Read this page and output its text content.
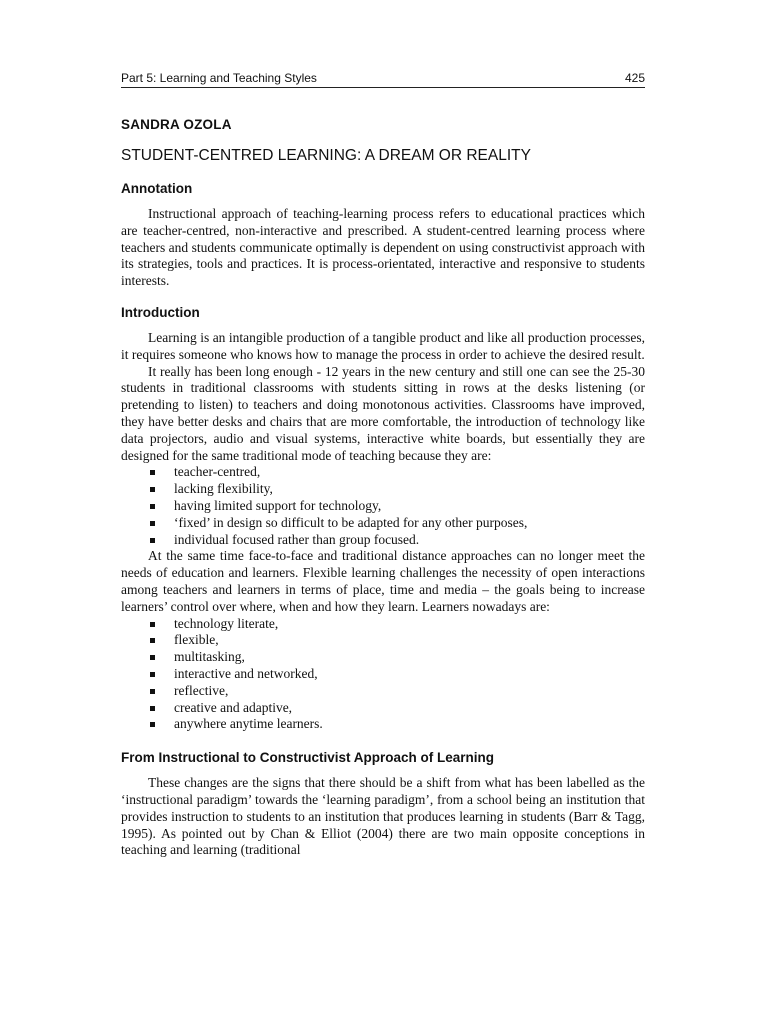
Part 5: Learning and Teaching Styles	425
SANDRA OZOLA
STUDENT-CENTRED LEARNING: A DREAM OR REALITY
Annotation

Instructional approach of teaching-learning process refers to educational practices which are teacher-centred, non-interactive and prescribed. A student-centred learning process where teachers and students communicate optimally is dependent on using constructivist approach with its strategies, tools and practices. It is process-orientated, interactive and responsive to students interests.

Introduction

Learning is an intangible production of a tangible product and like all production processes, it requires someone who knows how to manage the process in order to achieve the desired result.

It really has been long enough - 12 years in the new century and still one can see the 25-30 students in traditional classrooms with students sitting in rows at the desks listening (or pretending to listen) to teachers and doing monotonous activities. Classrooms have improved, they have better desks and chairs that are more comfortable, the introduction of technology like data projectors, audio and visual systems, interactive white boards, but essentially they are designed for the same traditional mode of teaching because they are:

teacher-centred,
lacking flexibility,
having limited support for technology,
‘fixed’ in design so difficult to be adapted for any other purposes,
individual focused rather than group focused.

At the same time face-to-face and traditional distance approaches can no longer meet the needs of education and learners. Flexible learning challenges the necessity of open interactions among teachers and learners in terms of place, time and media – the goals being to increase learners’ control over where, when and how they learn. Learners nowadays are:

technology literate,
flexible,
multitasking,
interactive and networked,
reflective,
creative and adaptive,
anywhere anytime learners.
From Instructional to Constructivist Approach of Learning

These changes are the signs that there should be a shift from what has been labelled as the ‘instructional paradigm’ towards the ‘learning paradigm’, from a school being an institution that provides instruction to students to an institution that produces learning in students (Barr & Tagg, 1995). As pointed out by Chan & Elliot (2004) there are two main opposite conceptions in teaching and learning (traditional
